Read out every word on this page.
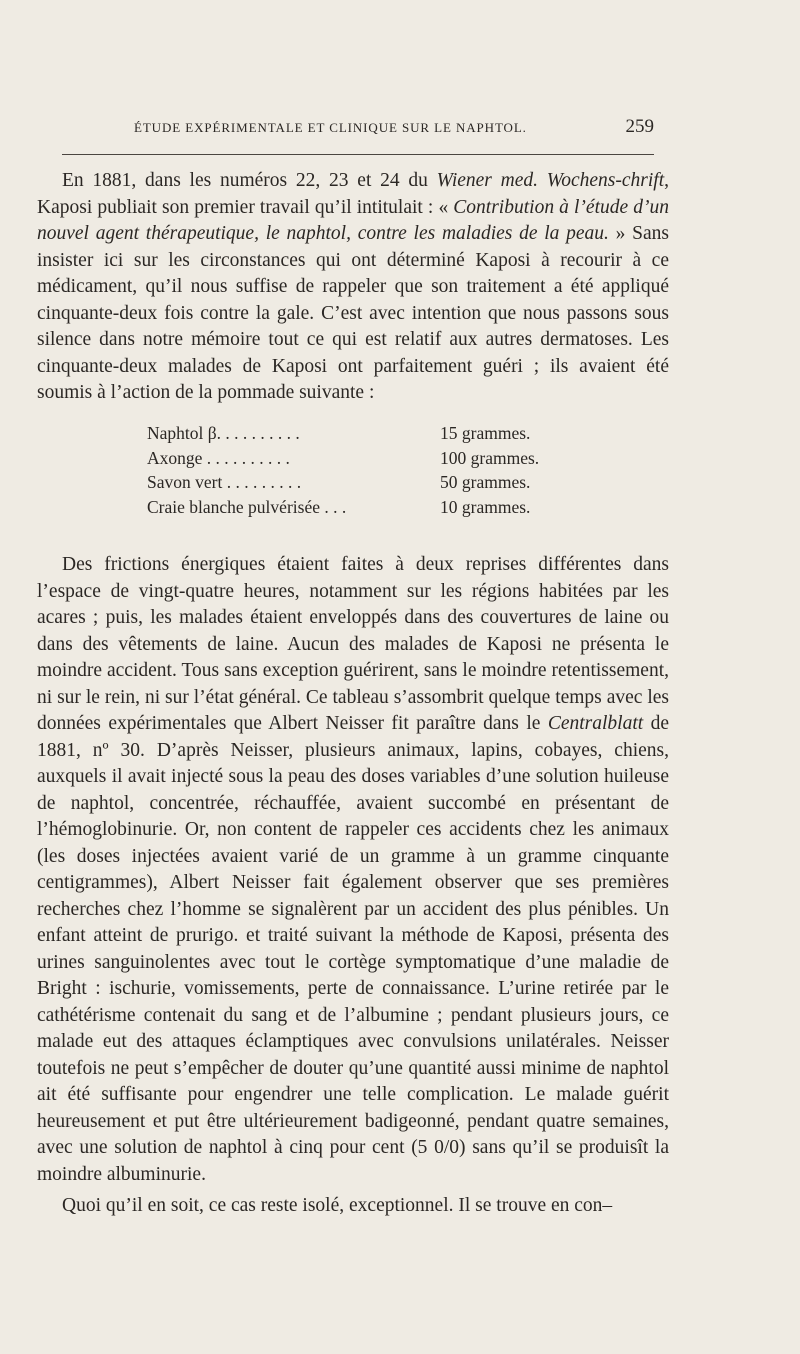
ÉTUDE EXPÉRIMENTALE ET CLINIQUE SUR LE NAPHTOL.	259

En 1881, dans les numéros 22, 23 et 24 du Wiener med. Wochens-chrift, Kaposi publiait son premier travail qu’il intitulait : « Contribution à l’étude d’un nouvel agent thérapeutique, le naphtol, contre les maladies de la peau. » Sans insister ici sur les circonstances qui ont déterminé Kaposi à recourir à ce médicament, qu’il nous suffise de rappeler que son traitement a été appliqué cinquante-deux fois contre la gale. C’est avec intention que nous passons sous silence dans notre mémoire tout ce qui est relatif aux autres dermatoses. Les cinquante-deux malades de Kaposi ont parfaitement guéri ; ils avaient été soumis à l’action de la pommade suivante :

Naphtol β. . . . . . . . . .	15 grammes.
Axonge . . . . . . . . . .	100 grammes.
Savon vert . . . . . . . . .	50 grammes.
Craie blanche pulvérisée . . .	10 grammes.

Des frictions énergiques étaient faites à deux reprises différentes dans l’espace de vingt-quatre heures, notamment sur les régions habitées par les acares ; puis, les malades étaient enveloppés dans des couvertures de laine ou dans des vêtements de laine. Aucun des malades de Kaposi ne présenta le moindre accident. Tous sans exception guérirent, sans le moindre retentissement, ni sur le rein, ni sur l’état général. Ce tableau s’assombrit quelque temps avec les données expérimentales que Albert Neisser fit paraître dans le Centralblatt de 1881, nº 30. D’après Neisser, plusieurs animaux, lapins, cobayes, chiens, auxquels il avait injecté sous la peau des doses variables d’une solution huileuse de naphtol, concentrée, réchauffée, avaient succombé en présentant de l’hémoglobinurie. Or, non content de rappeler ces accidents chez les animaux (les doses injectées avaient varié de un gramme à un gramme cinquante centigrammes), Albert Neisser fait également observer que ses premières recherches chez l’homme se signalèrent par un accident des plus pénibles. Un enfant atteint de prurigo. et traité suivant la méthode de Kaposi, présenta des urines sanguinolentes avec tout le cortège symptomatique d’une maladie de Bright : ischurie, vomissements, perte de connaissance. L’urine retirée par le cathétérisme contenait du sang et de l’albumine ; pendant plusieurs jours, ce malade eut des attaques éclamptiques avec convulsions unilatérales. Neisser toutefois ne peut s’empêcher de douter qu’une quantité aussi minime de naphtol ait été suffisante pour engendrer une telle complication. Le malade guérit heureusement et put être ultérieurement badigeonné, pendant quatre semaines, avec une solution de naphtol à cinq pour cent (5 0/0) sans qu’il se produisît la moindre albuminurie.

Quoi qu’il en soit, ce cas reste isolé, exceptionnel. Il se trouve en con–
